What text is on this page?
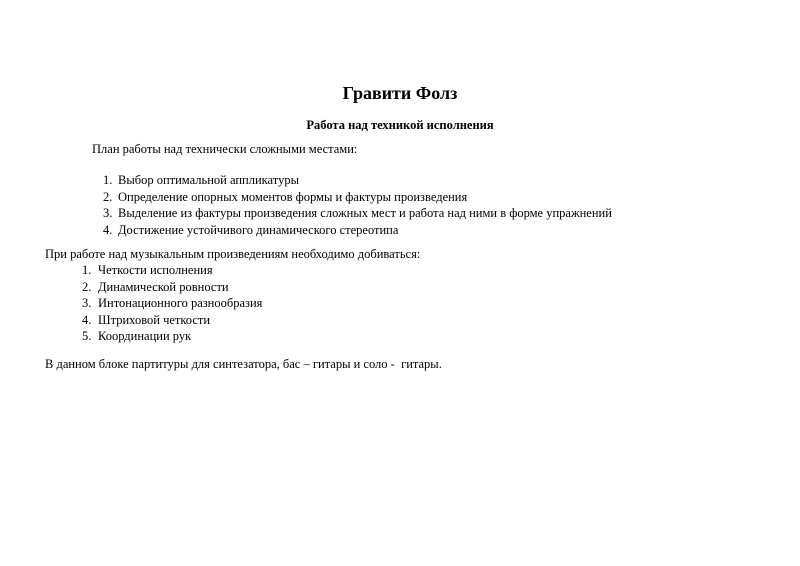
Гравити Фолз
Работа над техникой исполнения
План работы над технически сложными местами:
1. Выбор оптимальной аппликатуры
2. Определение опорных моментов формы и фактуры произведения
3. Выделение из фактуры произведения сложных мест и работа над ними в форме упражнений
4. Достижение устойчивого динамического стереотипа
При работе над музыкальным произведениям необходимо добиваться:
1. Четкости исполнения
2. Динамической ровности
3. Интонационного разнообразия
4. Штриховой четкости
5. Координации рук
В данном блоке партитуры для синтезатора, бас – гитары и соло -  гитары.
